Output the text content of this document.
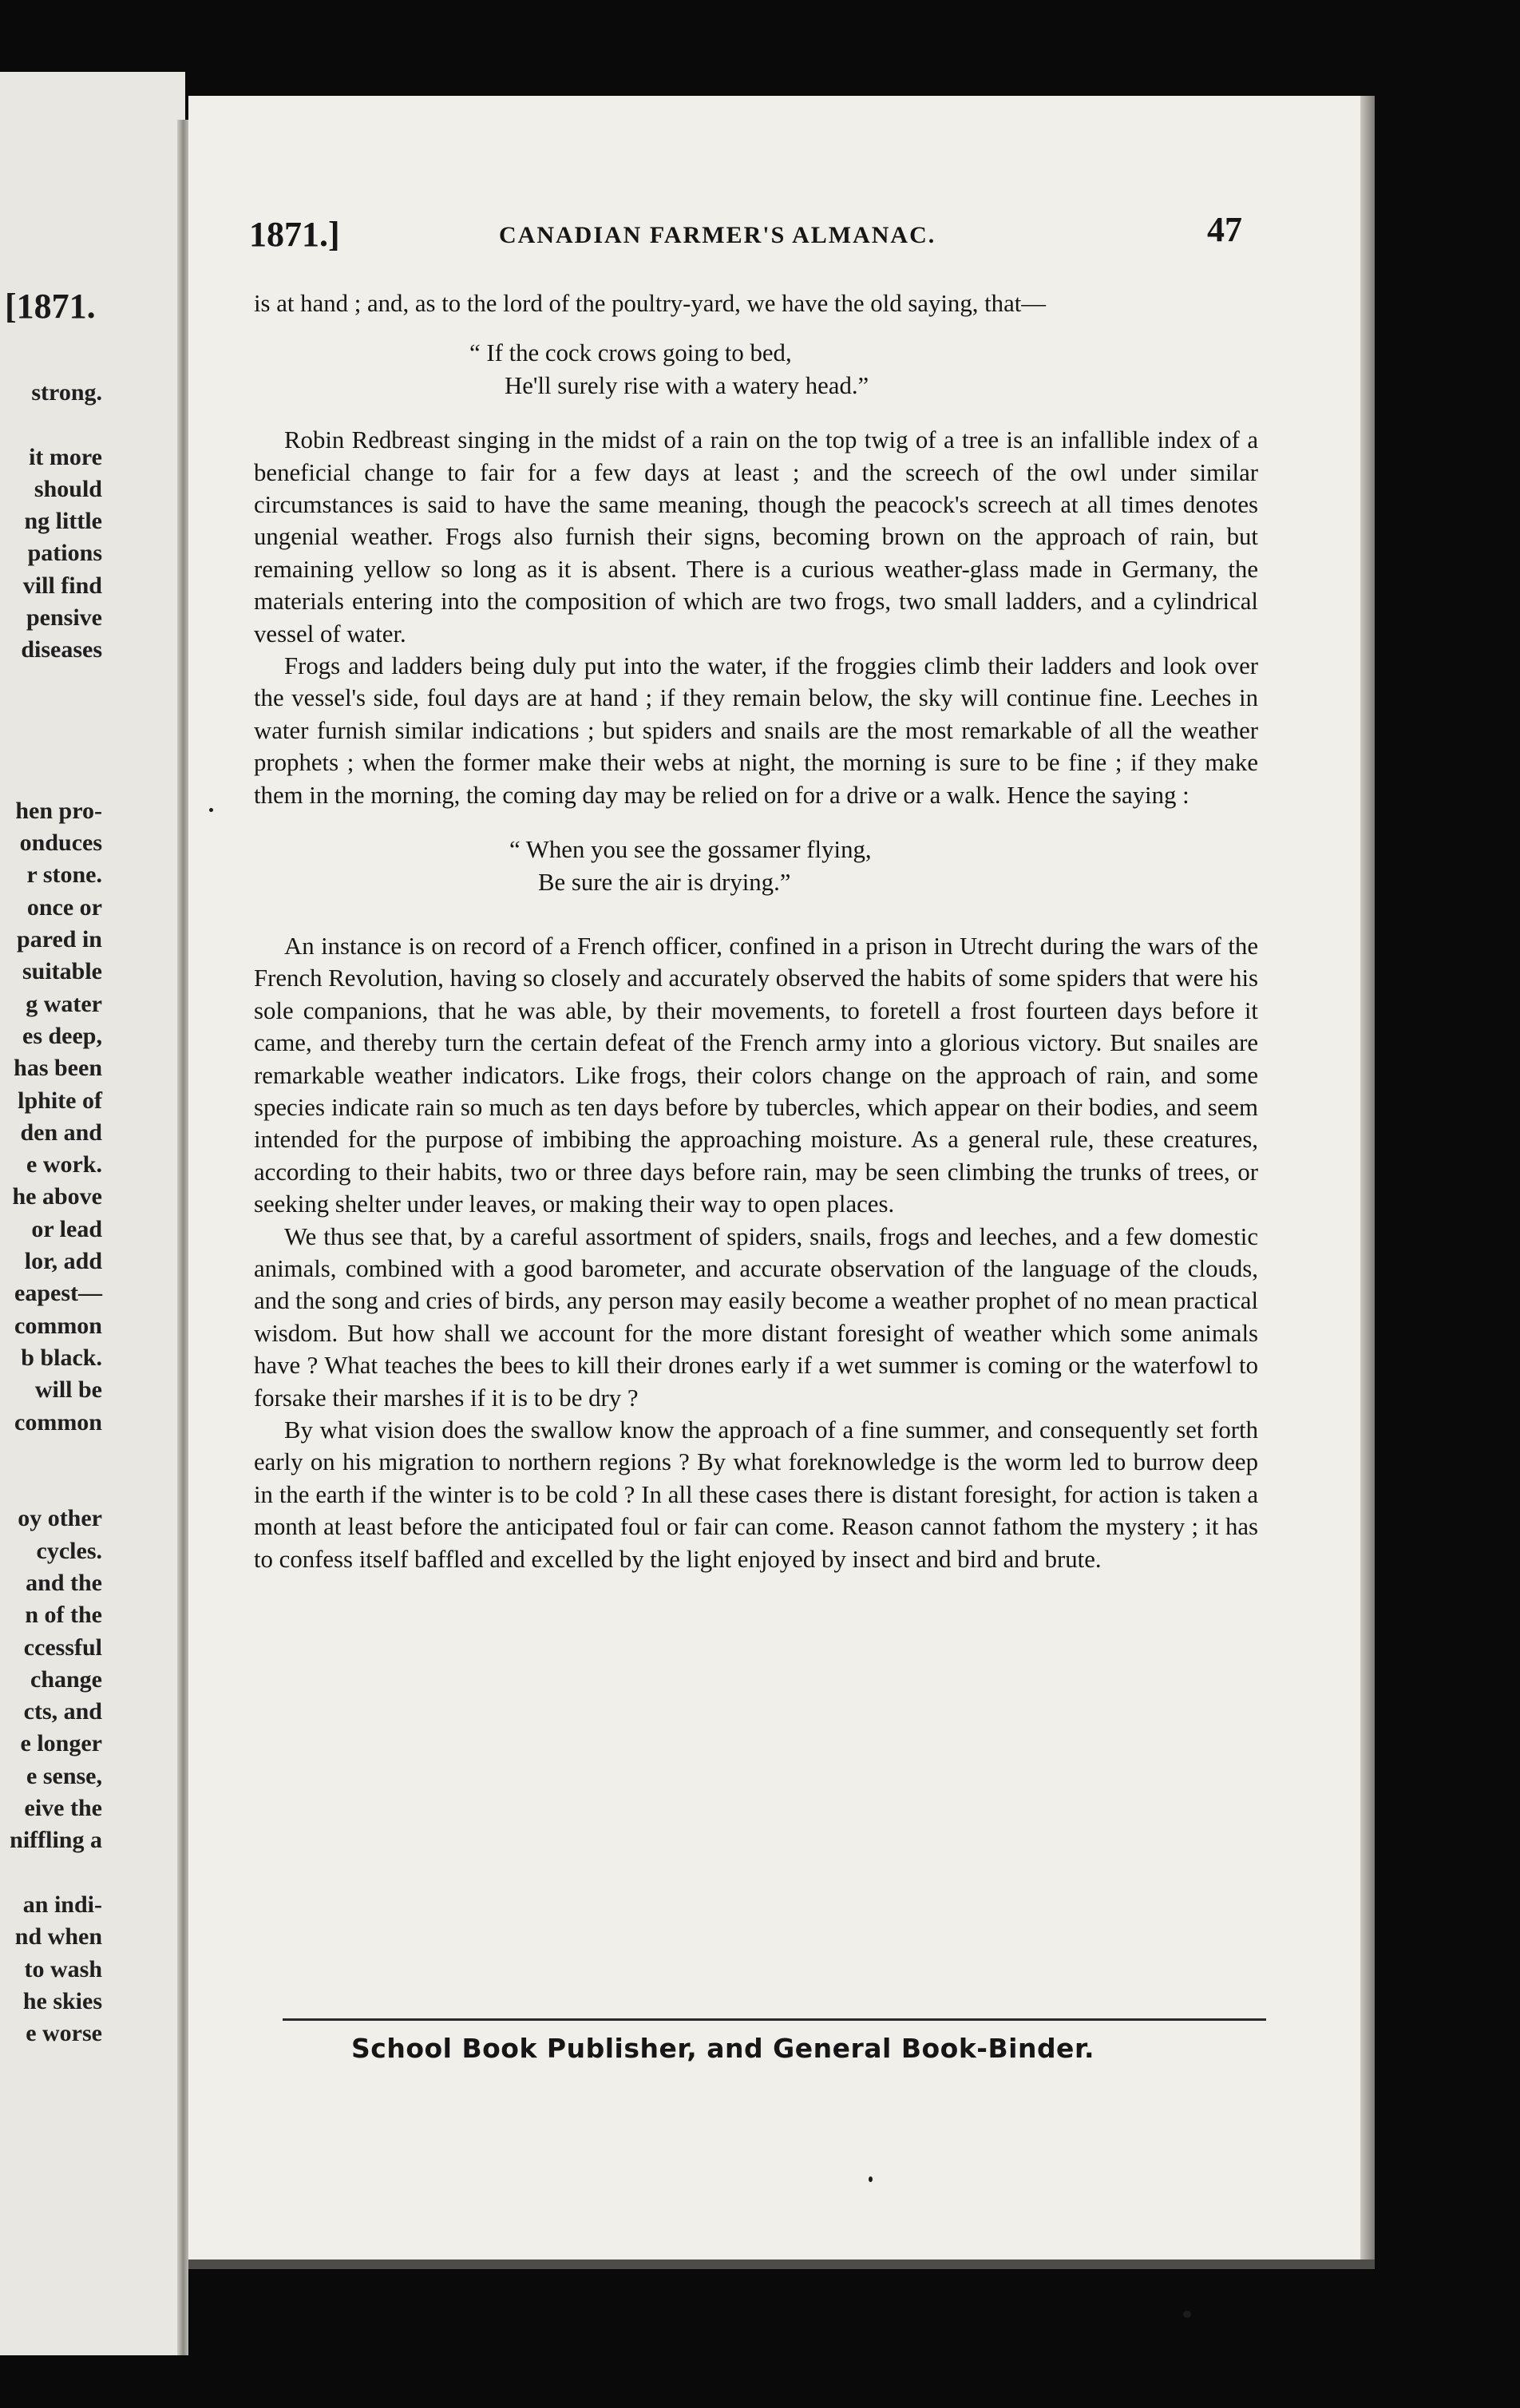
[1871.
strong.

it more
should
ng little
pations
vill find
pensive
diseases

hen pro-
onduces
r stone.
once or
pared in
suitable
g water
es deep,
has been
lphite of
den and
e work.
he above
or lead
lor, add
eapest—
common
b black.
will be
common

oy other
cycles.
and the
n of the
ccessful
change
cts, and
e longer
e sense,
eive the
niffling a

an indi-
nd when
to wash
he skies
e worse
1871.]	CANADIAN FARMER'S ALMANAC.	47

is at hand ; and, as to the lord of the poultry-yard, we have the old saying, that—

“ If the cock crows going to bed,
He'll surely rise with a watery head.”

Robin Redbreast singing in the midst of a rain on the top twig of a tree is an infallible index of a beneficial change to fair for a few days at least ; and the screech of the owl under similar circumstances is said to have the same meaning, though the peacock's screech at all times denotes ungenial weather. Frogs also furnish their signs, becoming brown on the approach of rain, but remaining yellow so long as it is absent. There is a curious weather-glass made in Germany, the materials entering into the composition of which are two frogs, two small ladders, and a cylindrical vessel of water.

Frogs and ladders being duly put into the water, if the froggies climb their ladders and look over the vessel's side, foul days are at hand ; if they remain below, the sky will continue fine. Leeches in water furnish similar indications ; but spiders and snails are the most remarkable of all the weather prophets ; when the former make their webs at night, the morning is sure to be fine ; if they make them in the morning, the coming day may be relied on for a drive or a walk. Hence the saying :

“ When you see the gossamer flying,
Be sure the air is drying.”

An instance is on record of a French officer, confined in a prison in Utrecht during the wars of the French Revolution, having so closely and accurately observed the habits of some spiders that were his sole companions, that he was able, by their movements, to foretell a frost fourteen days before it came, and thereby turn the certain defeat of the French army into a glorious victory. But snailes are remarkable weather indicators. Like frogs, their colors change on the approach of rain, and some species indicate rain so much as ten days before by tubercles, which appear on their bodies, and seem intended for the purpose of imbibing the approaching moisture. As a general rule, these creatures, according to their habits, two or three days before rain, may be seen climbing the trunks of trees, or seeking shelter under leaves, or making their way to open places.

We thus see that, by a careful assortment of spiders, snails, frogs and leeches, and a few domestic animals, combined with a good barometer, and accurate observation of the language of the clouds, and the song and cries of birds, any person may easily become a weather prophet of no mean practical wisdom. But how shall we account for the more distant foresight of weather which some animals have ? What teaches the bees to kill their drones early if a wet summer is coming or the waterfowl to forsake their marshes if it is to be dry ?

By what vision does the swallow know the approach of a fine summer, and consequently set forth early on his migration to northern regions ? By what foreknowledge is the worm led to burrow deep in the earth if the winter is to be cold ? In all these cases there is distant foresight, for action is taken a month at least before the anticipated foul or fair can come. Reason cannot fathom the mystery ; it has to confess itself baffled and excelled by the light enjoyed by insect and bird and brute.

School Book Publisher, and General Book-Binder.
